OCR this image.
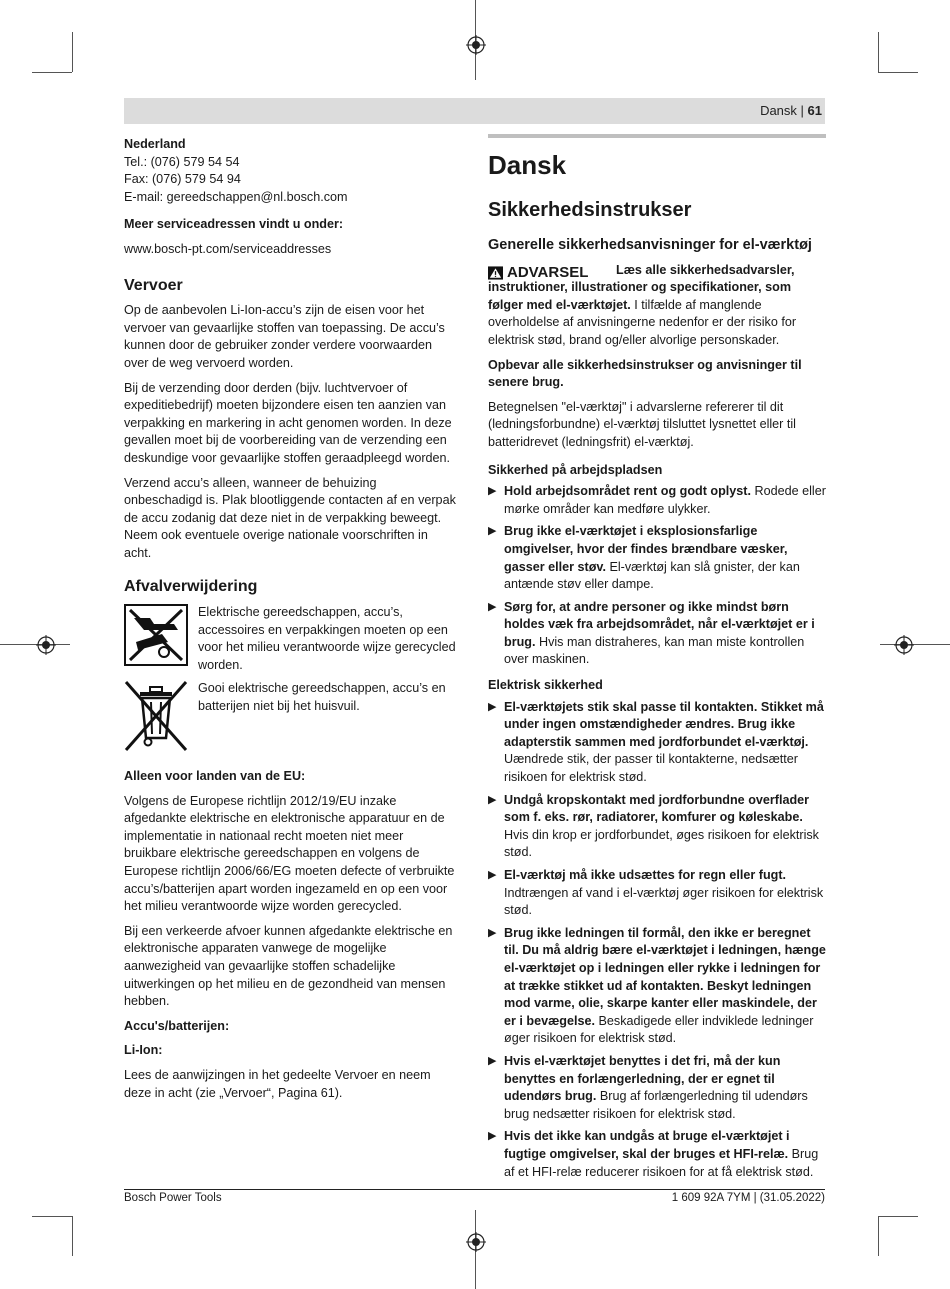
Dansk | 61
Nederland
Tel.: (076) 579 54 54
Fax: (076) 579 54 94

E-mail: gereedschappen@nl.bosch.com

Meer serviceadressen vindt u onder:

www.bosch-pt.com/serviceaddresses

Vervoer

Op de aanbevolen Li-Ion-accu’s zijn de eisen voor het vervoer van gevaarlijke stoffen van toepassing. De accu’s kunnen door de gebruiker zonder verdere voorwaarden over de weg vervoerd worden.

Bij de verzending door derden (bijv. luchtvervoer of expeditiebedrijf) moeten bijzondere eisen ten aanzien van verpakking en markering in acht genomen worden. In deze gevallen moet bij de voorbereiding van de verzending een deskundige voor gevaarlijke stoffen geraadpleegd worden.

Verzend accu’s alleen, wanneer de behuizing onbeschadigd is. Plak blootliggende contacten af en verpak de accu zodanig dat deze niet in de verpakking beweegt. Neem ook eventuele overige nationale voorschriften in acht.

Afvalverwijdering
Elektrische gereedschappen, accu’s, accessoires en verpakkingen moeten op een voor het milieu verantwoorde wijze gerecycled worden.
Gooi elektrische gereedschappen, accu’s en batterijen niet bij het huisvuil.

Alleen voor landen van de EU:

Volgens de Europese richtlijn 2012/19/EU inzake afgedankte elektrische en elektronische apparatuur en de implementatie in nationaal recht moeten niet meer bruikbare elektrische gereedschappen en volgens de Europese richtlijn 2006/66/EG moeten defecte of verbruikte accu’s/batterijen apart worden ingezameld en op een voor het milieu verantwoorde wijze worden gerecycled.

Bij een verkeerde afvoer kunnen afgedankte elektrische en elektronische apparaten vanwege de mogelijke aanwezigheid van gevaarlijke stoffen schadelijke uitwerkingen op het milieu en de gezondheid van mensen hebben.

Accu's/batterijen:

Li-Ion:

Lees de aanwijzingen in het gedeelte Vervoer en neem deze in acht (zie „Vervoer“, Pagina 61).

Dansk
Sikkerhedsinstrukser
Generelle sikkerhedsanvisninger for el-værktøj
ADVARSEL	Læs alle sikkerhedsadvarsler, instruktioner, illustrationer og specifikationer, som følger med el-værktøjet. I tilfælde af manglende overholdelse af anvisningerne nedenfor er der risiko for elektrisk stød, brand og/eller alvorlige personskader.

Opbevar alle sikkerhedsinstrukser og anvisninger til senere brug.

Betegnelsen "el-værktøj" i advarslerne refererer til dit (ledningsforbundne) el-værktøj tilsluttet lysnettet eller til batteridrevet (ledningsfrit) el-værktøj.

Sikkerhed på arbejdspladsen

▶ Hold arbejdsområdet rent og godt oplyst. Rodede eller mørke områder kan medføre ulykker.
▶ Brug ikke el-værktøjet i eksplosionsfarlige omgivelser, hvor der findes brændbare væsker, gasser eller støv. El-værktøj kan slå gnister, der kan antænde støv eller dampe.
▶ Sørg for, at andre personer og ikke mindst børn holdes væk fra arbejdsområdet, når el-værktøjet er i brug. Hvis man distraheres, kan man miste kontrollen over maskinen.

Elektrisk sikkerhed

▶ El-værktøjets stik skal passe til kontakten. Stikket må under ingen omstændigheder ændres. Brug ikke adapterstik sammen med jordforbundet el-værktøj. Uændrede stik, der passer til kontakterne, nedsætter risikoen for elektrisk stød.
▶ Undgå kropskontakt med jordforbundne overflader som f. eks. rør, radiatorer, komfurer og køleskabe. Hvis din krop er jordforbundet, øges risikoen for elektrisk stød.
▶ El-værktøj må ikke udsættes for regn eller fugt. Indtrængen af vand i el-værktøj øger risikoen for elektrisk stød.
▶ Brug ikke ledningen til formål, den ikke er beregnet til. Du må aldrig bære el-værktøjet i ledningen, hænge el-værktøjet op i ledningen eller rykke i ledningen for at trække stikket ud af kontakten. Beskyt ledningen mod varme, olie, skarpe kanter eller maskindele, der er i bevægelse. Beskadigede eller indviklede ledninger øger risikoen for elektrisk stød.
▶ Hvis el-værktøjet benyttes i det fri, må der kun benyttes en forlængerledning, der er egnet til udendørs brug. Brug af forlængerledning til udendørs brug nedsætter risikoen for elektrisk stød.
▶ Hvis det ikke kan undgås at bruge el-værktøjet i fugtige omgivelser, skal der bruges et HFI-relæ. Brug af et HFI-relæ reducerer risikoen for at få elektrisk stød.
Bosch Power Tools	1 609 92A 7YM | (31.05.2022)
